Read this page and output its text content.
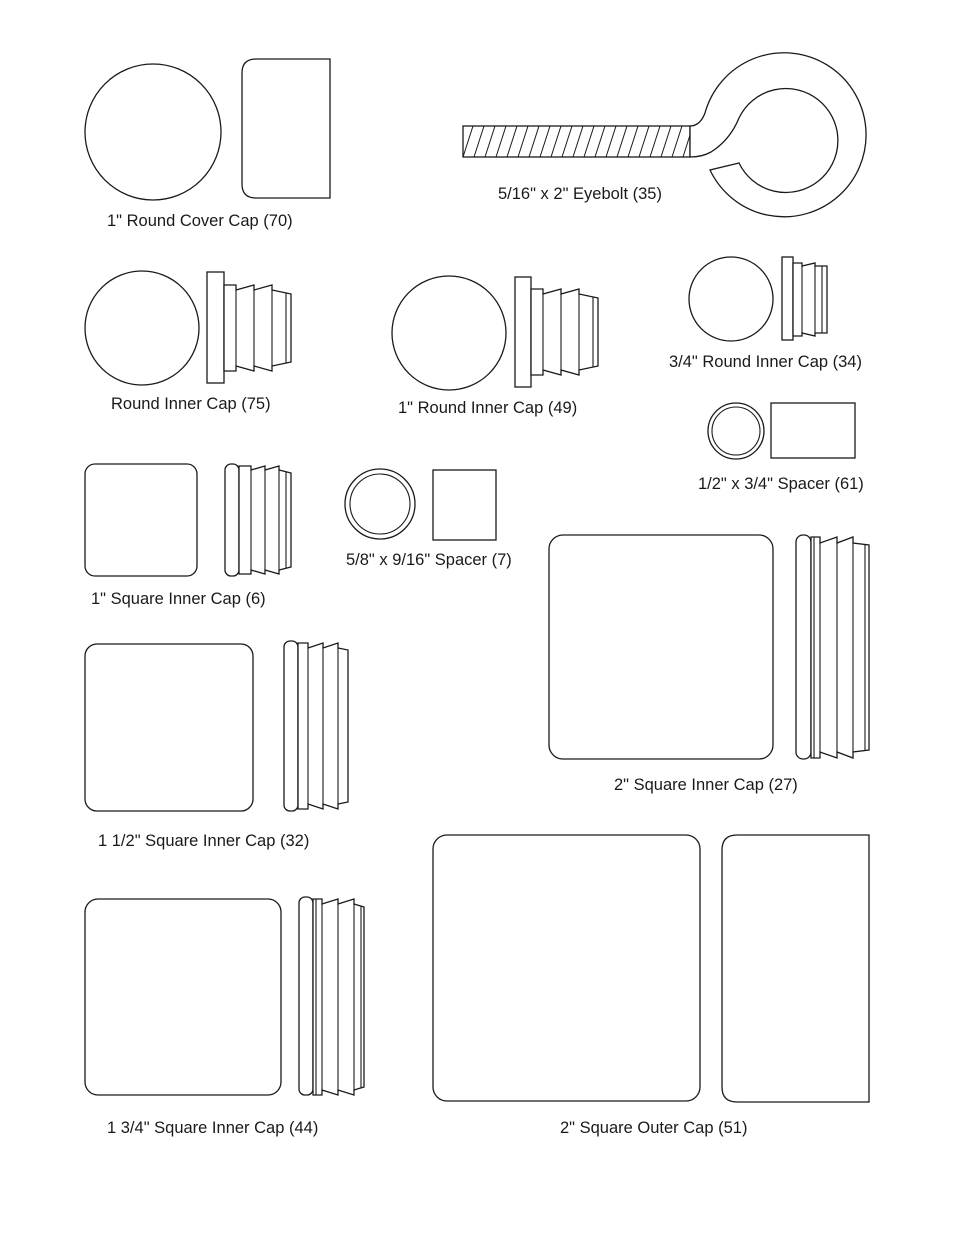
1" Round Cover Cap (70)
5/16" x 2" Eyebolt (35)
Round Inner Cap (75)	1" Round Inner Cap (49)
3/4" Round Inner Cap (34)
1/2" x 3/4" Spacer (61)
1" Square Inner Cap (6)
5/8" x 9/16" Spacer (7)
2" Square Inner Cap (27)
1 1/2" Square Inner Cap (32)
1 3/4" Square Inner Cap (44)	2" Square Outer Cap (51)
